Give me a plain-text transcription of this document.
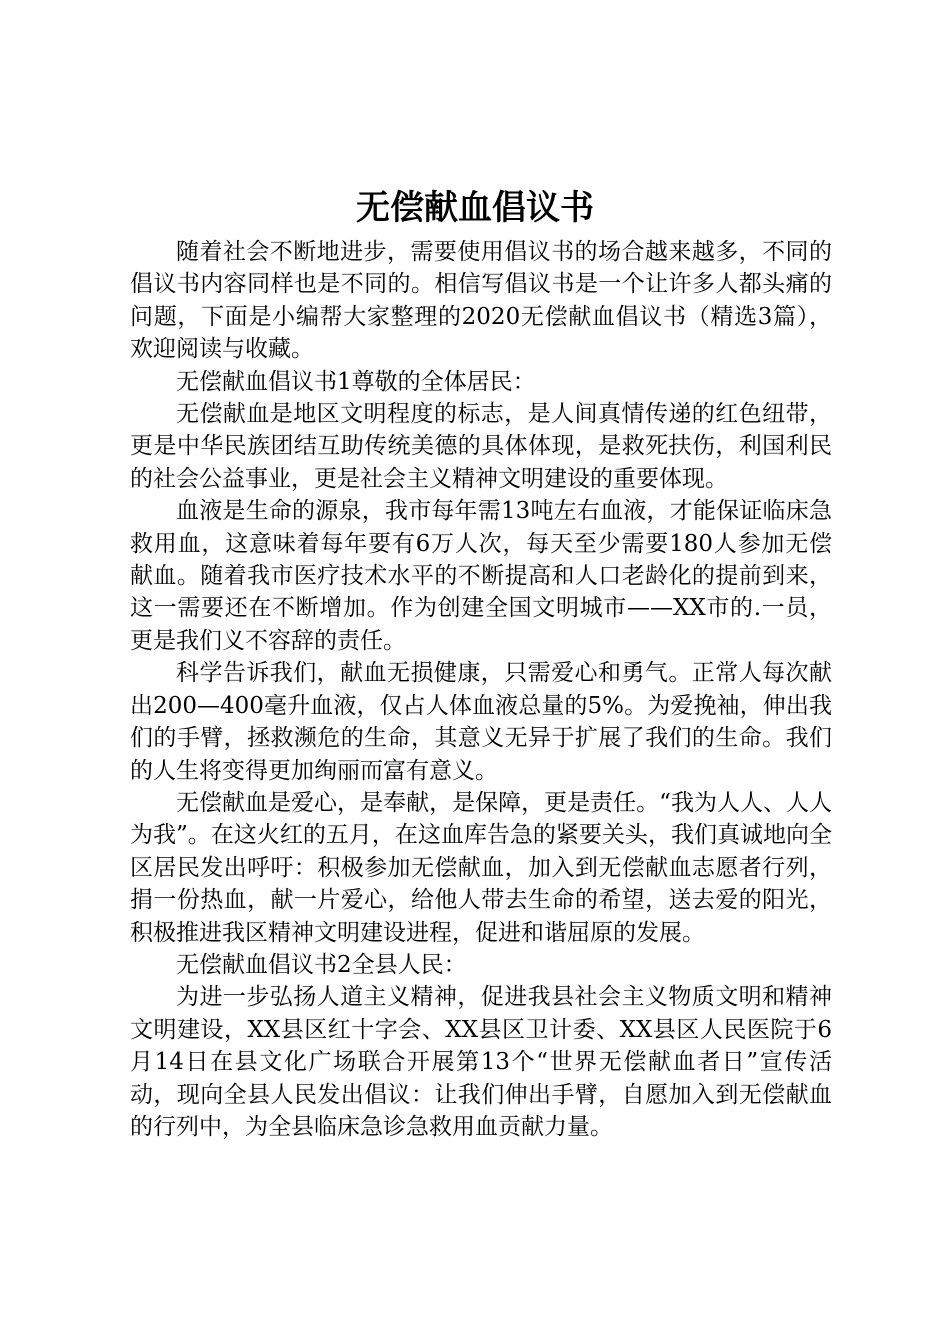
无偿献血倡议书

随着社会不断地进步，需要使用倡议书的场合越来越多，不同的倡议书内容同样也是不同的。相信写倡议书是一个让许多人都头痛的问题，下面是小编帮大家整理的2020无偿献血倡议书（精选3篇），欢迎阅读与收藏。

无偿献血倡议书1尊敬的全体居民：

无偿献血是地区文明程度的标志，是人间真情传递的红色纽带，更是中华民族团结互助传统美德的具体体现，是救死扶伤，利国利民的社会公益事业，更是社会主义精神文明建设的重要体现。

血液是生命的源泉，我市每年需13吨左右血液，才能保证临床急救用血，这意味着每年要有6万人次，每天至少需要180人参加无偿献血。随着我市医疗技术水平的不断提高和人口老龄化的提前到来，这一需要还在不断增加。作为创建全国文明城市——XX市的.一员，更是我们义不容辞的责任。

科学告诉我们，献血无损健康，只需爱心和勇气。正常人每次献出200—400毫升血液，仅占人体血液总量的5%。为爱挽袖，伸出我们的手臂，拯救濒危的生命，其意义无异于扩展了我们的生命。我们的人生将变得更加绚丽而富有意义。

无偿献血是爱心，是奉献，是保障，更是责任。“我为人人、人人为我”。在这火红的五月，在这血库告急的紧要关头，我们真诚地向全区居民发出呼吁：积极参加无偿献血，加入到无偿献血志愿者行列，捐一份热血，献一片爱心，给他人带去生命的希望，送去爱的阳光，积极推进我区精神文明建设进程，促进和谐屈原的发展。

无偿献血倡议书2全县人民：

为进一步弘扬人道主义精神，促进我县社会主义物质文明和精神文明建设，XX县区红十字会、XX县区卫计委、XX县区人民医院于6月14日在县文化广场联合开展第13个“世界无偿献血者日”宣传活动，现向全县人民发出倡议：让我们伸出手臂，自愿加入到无偿献血的行列中，为全县临床急诊急救用血贡献力量。
